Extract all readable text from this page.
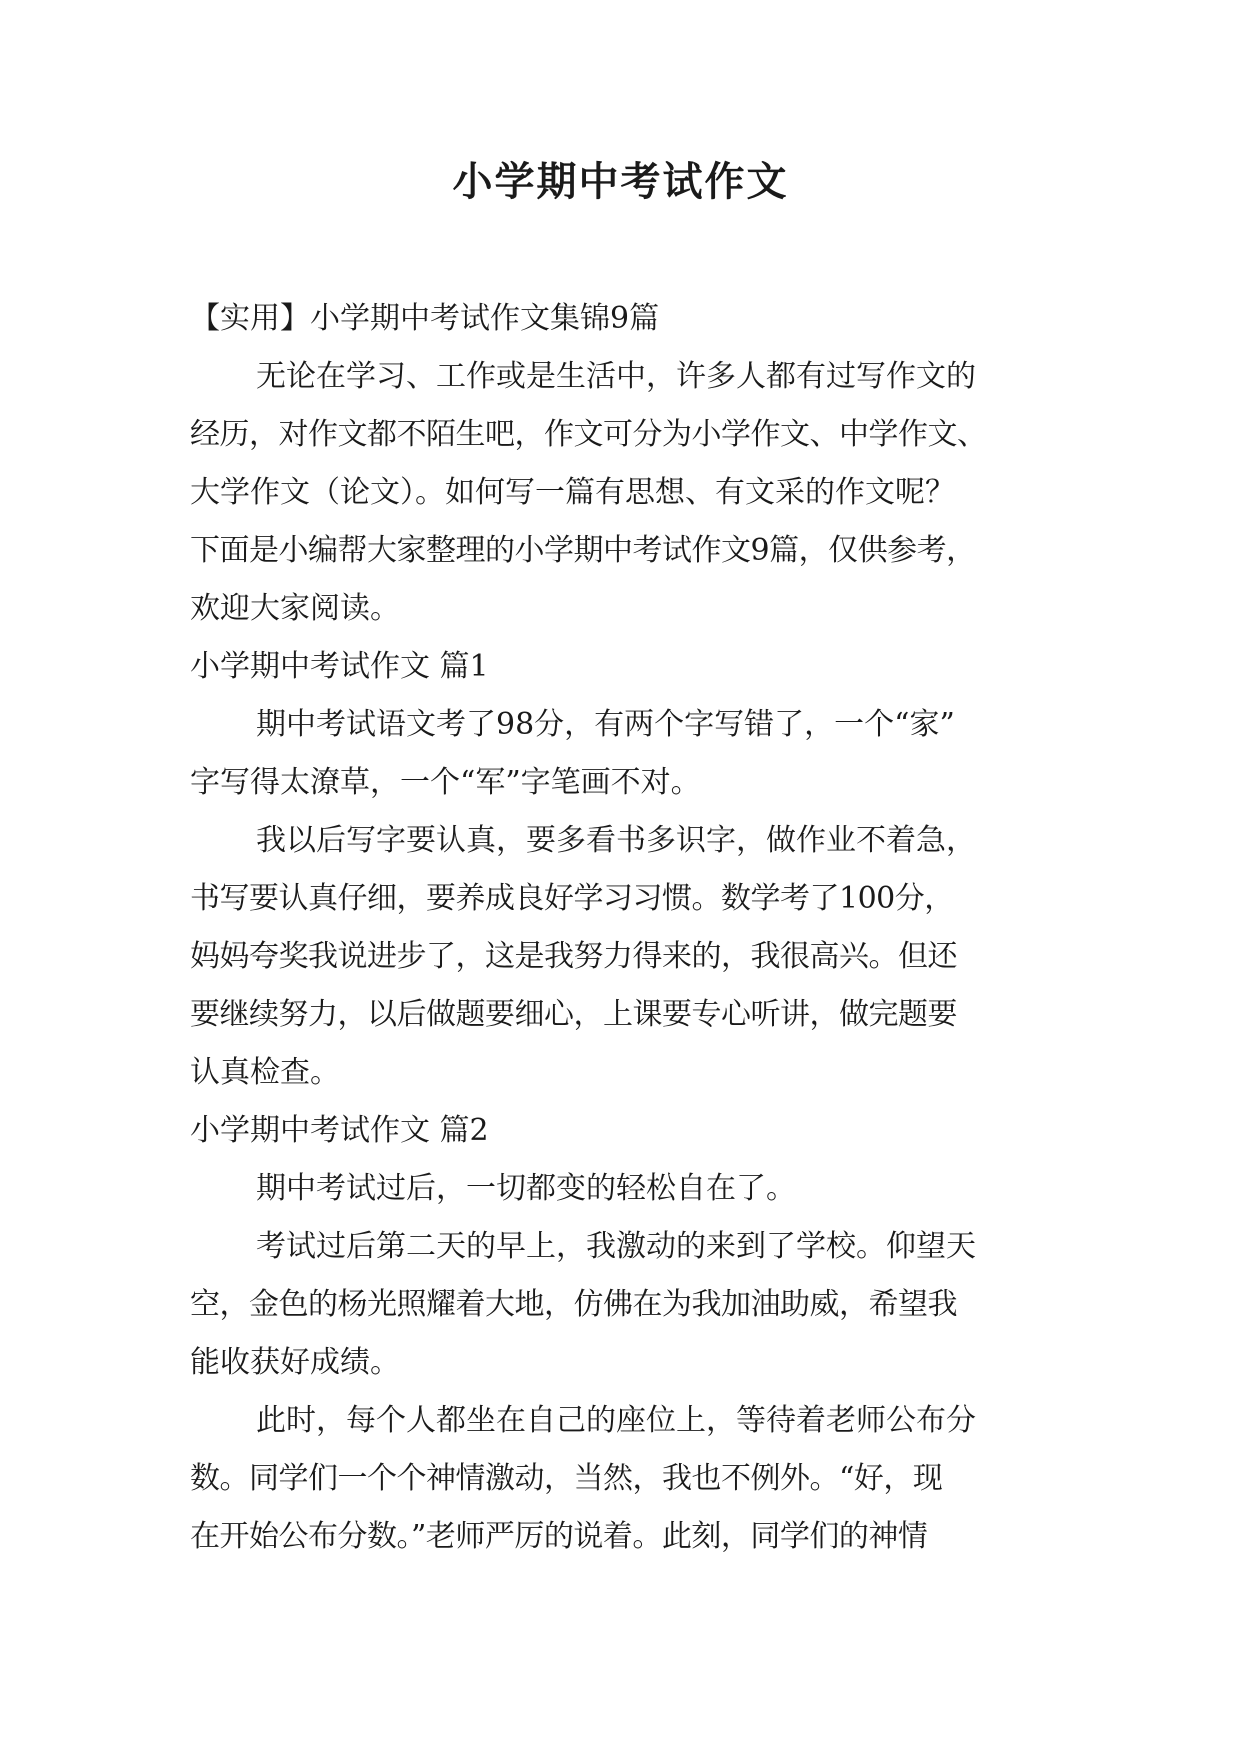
小学期中考试作文

【实用】小学期中考试作文集锦9篇

无论在学习、工作或是生活中，许多人都有过写作文的

经历，对作文都不陌生吧，作文可分为小学作文、中学作文、

大学作文（论文）。如何写一篇有思想、有文采的作文呢？

下面是小编帮大家整理的小学期中考试作文9篇，仅供参考，

欢迎大家阅读。

小学期中考试作文 篇1

期中考试语文考了98分，有两个字写错了，一个“家”

字写得太潦草，一个“军”字笔画不对。

我以后写字要认真，要多看书多识字，做作业不着急，

书写要认真仔细，要养成良好学习习惯。数学考了100分，

妈妈夸奖我说进步了，这是我努力得来的，我很高兴。但还

要继续努力，以后做题要细心，上课要专心听讲，做完题要

认真检查。

小学期中考试作文 篇2

期中考试过后，一切都变的轻松自在了。

考试过后第二天的早上，我激动的来到了学校。仰望天

空，金色的杨光照耀着大地，仿佛在为我加油助威，希望我

能收获好成绩。

此时，每个人都坐在自己的座位上，等待着老师公布分

数。同学们一个个神情激动，当然，我也不例外。“好，现

在开始公布分数。”老师严厉的说着。此刻，同学们的神情
